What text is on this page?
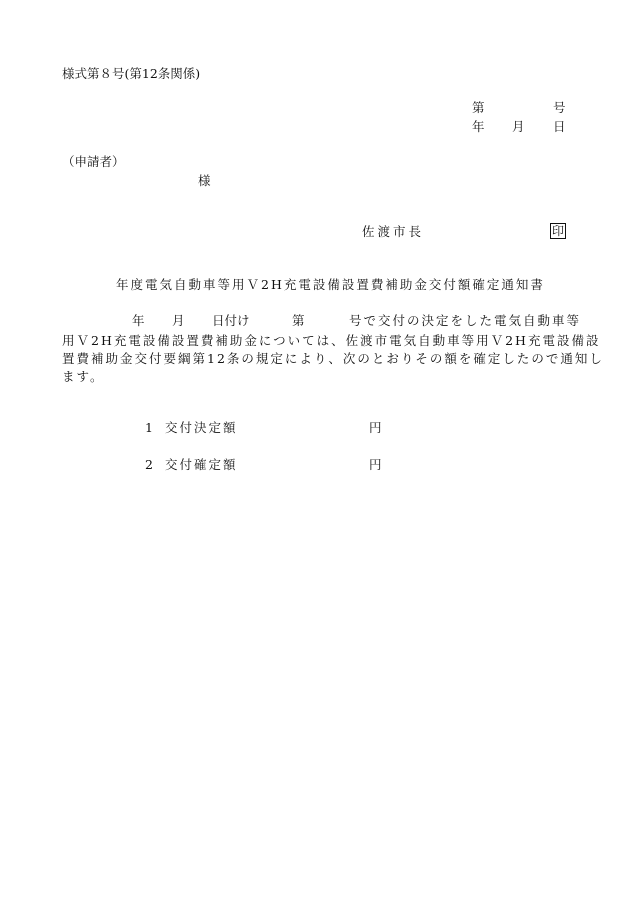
様式第８号(第12条関係)
第	号
年 月 日
（申請者）
様
佐渡市長	印
年度電気自動車等用Ｖ2H充電設備設置費補助金交付額確定通知書
年 月 日付け	第	号で交付の決定をした電気自動車等
用Ｖ2H充電設備設置費補助金については、佐渡市電気自動車等用Ｖ2H充電設備設
置費補助金交付要綱第12条の規定により、次のとおりその額を確定したので通知し
ます。
1 交付決定額	円
2 交付確定額	円
